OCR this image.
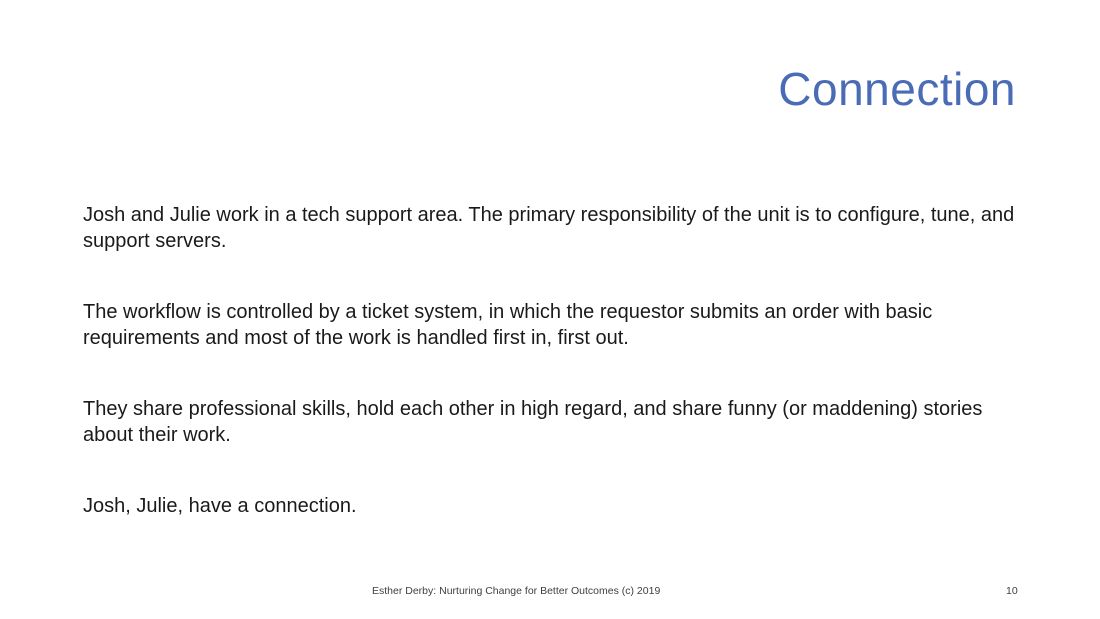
Connection

Josh and Julie work in a tech support area. The primary responsibility of the unit is to configure, tune, and support servers.

The workflow is controlled by a ticket system, in which the requestor submits an order with basic requirements and most of the work is handled first in, first out.

They share professional skills, hold each other in high regard, and share funny (or maddening) stories about their work.

Josh, Julie, have a connection.

Esther Derby: Nurturing Change for Better Outcomes (c) 2019	10
